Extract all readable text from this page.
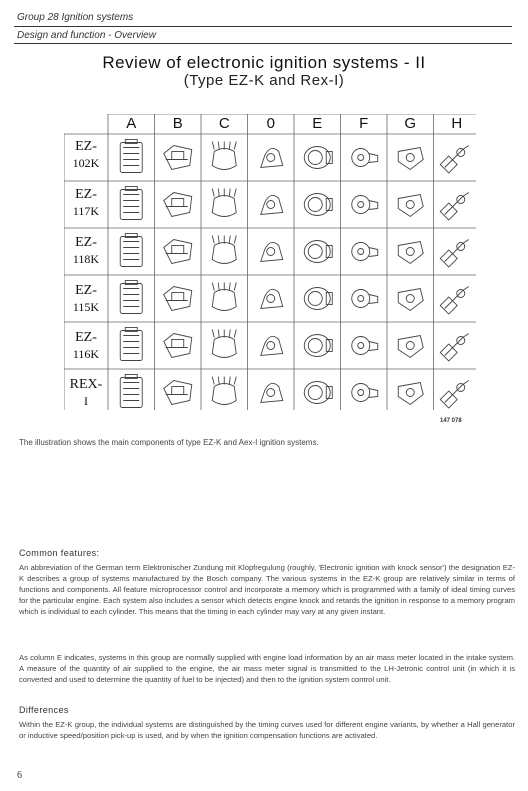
Group 28 Ignition systems
Design and function - Overview
Review of electronic ignition systems - II
(Type EZ-K and Rex-I)
A	B	C	0	E	F	G	H
EZ-
102K
EZ-
117K
EZ-
118K
EZ-
115K
EZ-
116K
REX-
I
147 078
The illustration shows the main components of type EZ-K and Aex-I ignition systems.
Common features:
An abbreviation of the German term Elektronischer Zundung mit Klopfregulung (roughly, 'Electronic ignition with knock sensor') the designation EZ-K describes a group of systems manufactured by the Bosch company. The various systems in the EZ-K group are relatively similar in terms of functions and components. All feature microprocessor control and incorporate a memory which is programmed with a family of ideal timing curves for the particular engine. Each system also includes a sensor which detects engine knock and retards the ignition in response to a memory program which is individual to each cylinder. This means that the timing in each cylinder may vary at any given instant.
As column E indicates, systems in this group are normally supplied with engine load information by an air mass meter located in the intake system. A measure of the quantity of air supplied to the engine, the air mass meter signal is transmitted to the LH-Jetronic control unit (in which it is converted and used to determine the quantity of fuel to be injected) and then to the ignition system control unit.
Differences
Within the EZ-K group, the individual systems are distinguished by the timing curves used for different engine variants, by whether a Hall generator or inductive speed/position pick-up is used, and by when the ignition compensation functions are activated.
6
